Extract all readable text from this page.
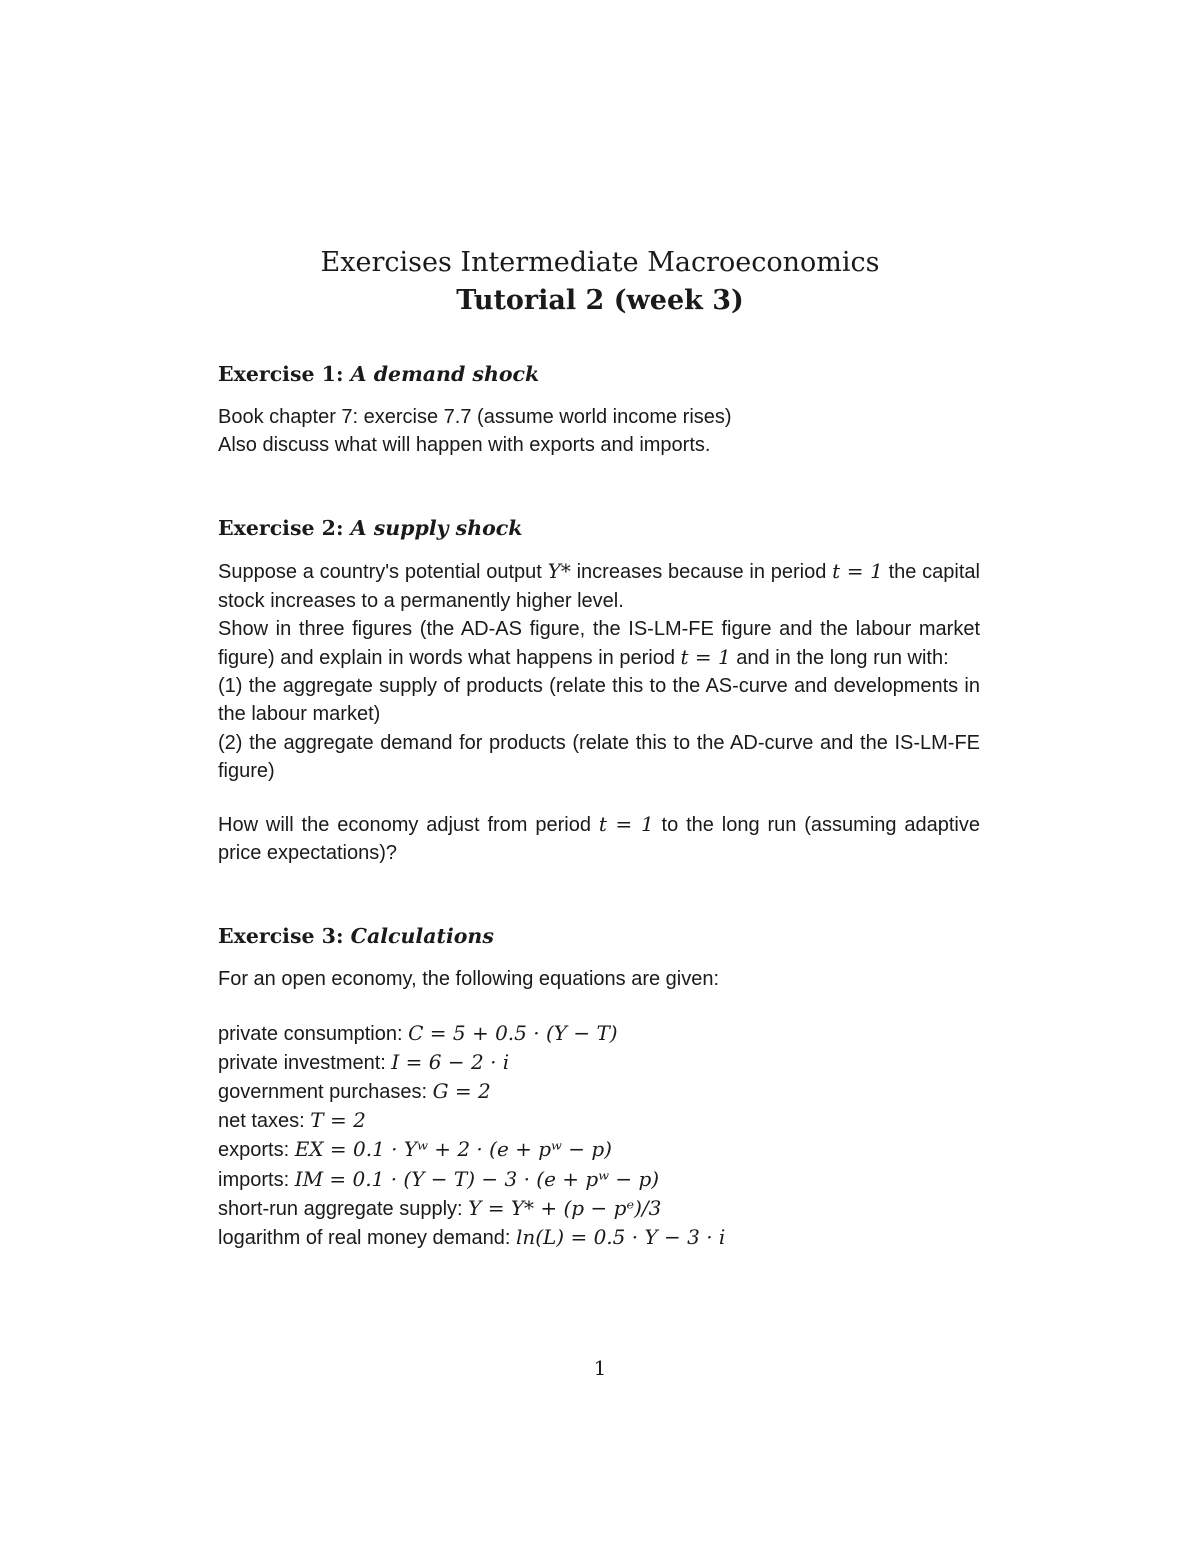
Exercises Intermediate Macroeconomics
Tutorial 2 (week 3)
Exercise 1: A demand shock
Book chapter 7: exercise 7.7 (assume world income rises)
Also discuss what will happen with exports and imports.
Exercise 2: A supply shock

Suppose a country's potential output Y* increases because in period t = 1 the capital stock increases to a permanently higher level.

Show in three figures (the AD-AS figure, the IS-LM-FE figure and the labour market figure) and explain in words what happens in period t = 1 and in the long run with:

(1) the aggregate supply of products (relate this to the AS-curve and developments in the labour market)

(2) the aggregate demand for products (relate this to the AD-curve and the IS-LM-FE figure)

How will the economy adjust from period t = 1 to the long run (assuming adaptive price expectations)?

Exercise 3: Calculations
For an open economy, the following equations are given:
private consumption: C = 5 + 0.5 · (Y − T)
private investment: I = 6 − 2 · i
government purchases: G = 2
net taxes: T = 2
exports: EX = 0.1 · Yʷ + 2 · (e + pʷ − p)
imports: IM = 0.1 · (Y − T) − 3 · (e + pʷ − p)
short-run aggregate supply: Y = Y* + (p − pᵉ)/3
logarithm of real money demand: ln(L) = 0.5 · Y − 3 · i
1
